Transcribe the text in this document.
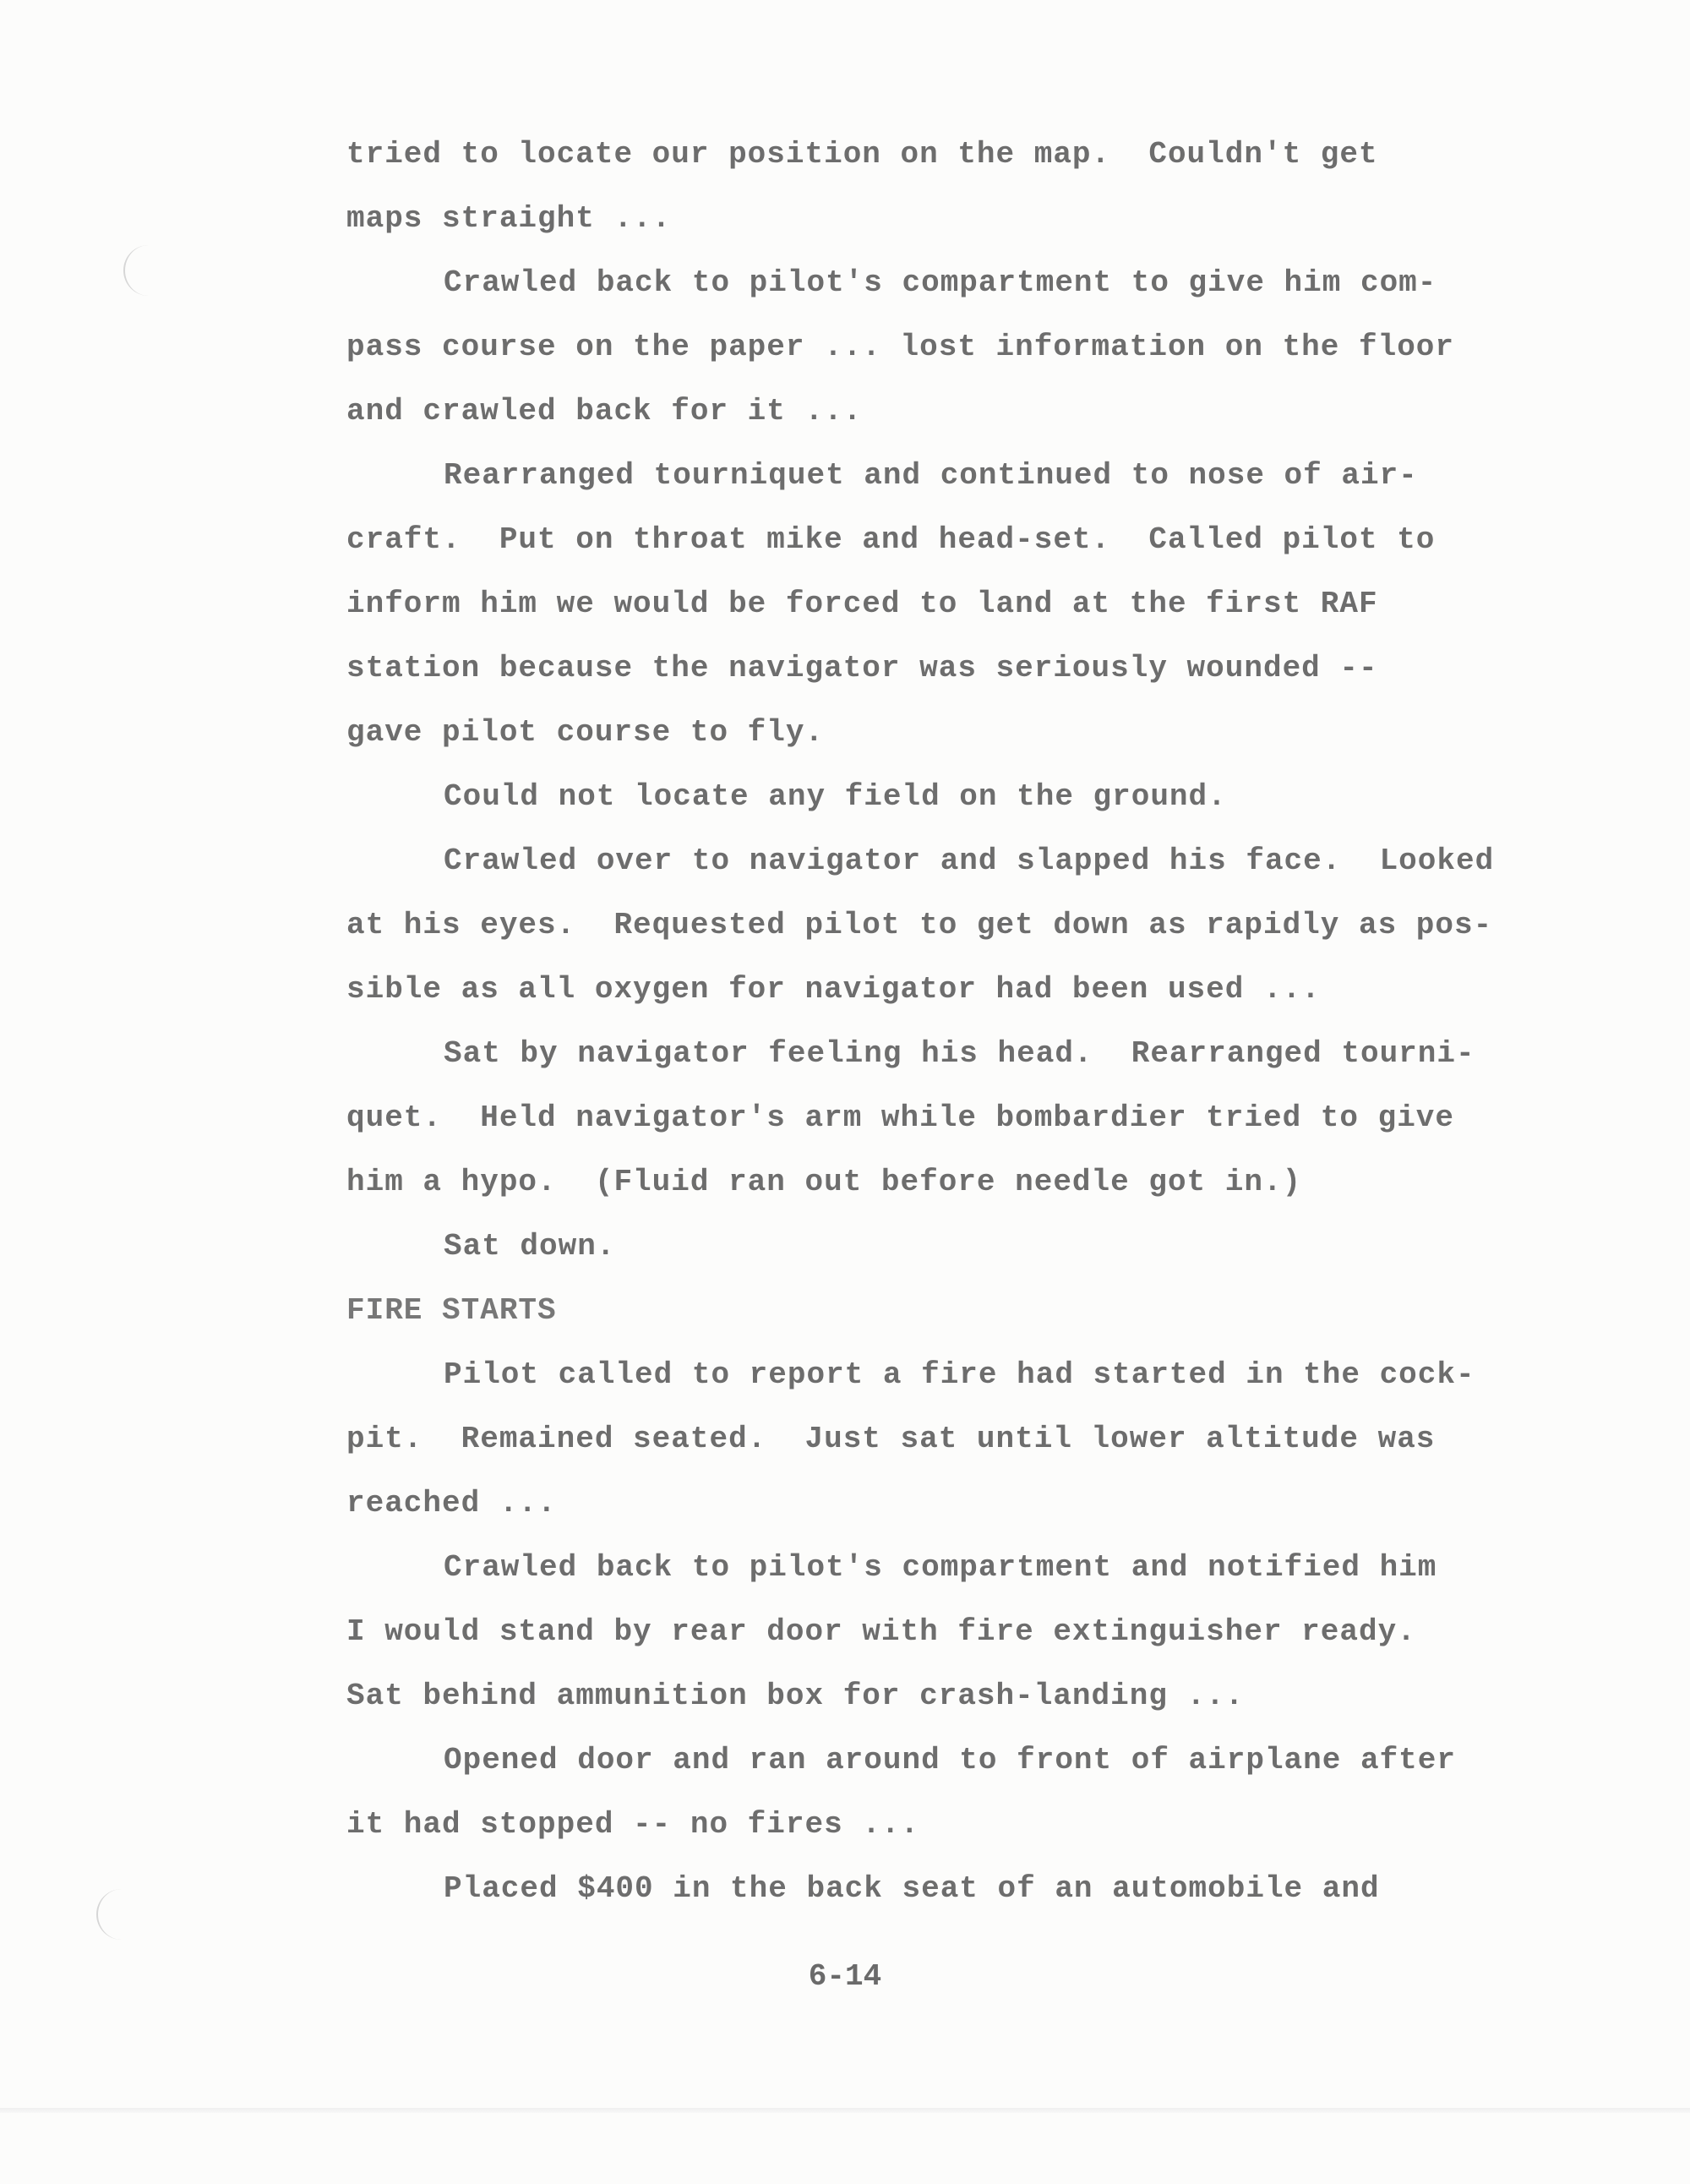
tried to locate our position on the map.  Couldn't get
maps straight ...
Crawled back to pilot's compartment to give him com-
pass course on the paper ... lost information on the floor
and crawled back for it ...
Rearranged tourniquet and continued to nose of air-
craft.  Put on throat mike and head-set.  Called pilot to
inform him we would be forced to land at the first RAF
station because the navigator was seriously wounded --
gave pilot course to fly.
Could not locate any field on the ground.
Crawled over to navigator and slapped his face.  Looked
at his eyes.  Requested pilot to get down as rapidly as pos-
sible as all oxygen for navigator had been used ...
Sat by navigator feeling his head.  Rearranged tourni-
quet.  Held navigator's arm while bombardier tried to give
him a hypo.  (Fluid ran out before needle got in.)
Sat down.
FIRE STARTS
Pilot called to report a fire had started in the cock-
pit.  Remained seated.  Just sat until lower altitude was
reached ...
Crawled back to pilot's compartment and notified him
I would stand by rear door with fire extinguisher ready.
Sat behind ammunition box for crash-landing ...
Opened door and ran around to front of airplane after
it had stopped -- no fires ...
Placed $400 in the back seat of an automobile and
6-14
